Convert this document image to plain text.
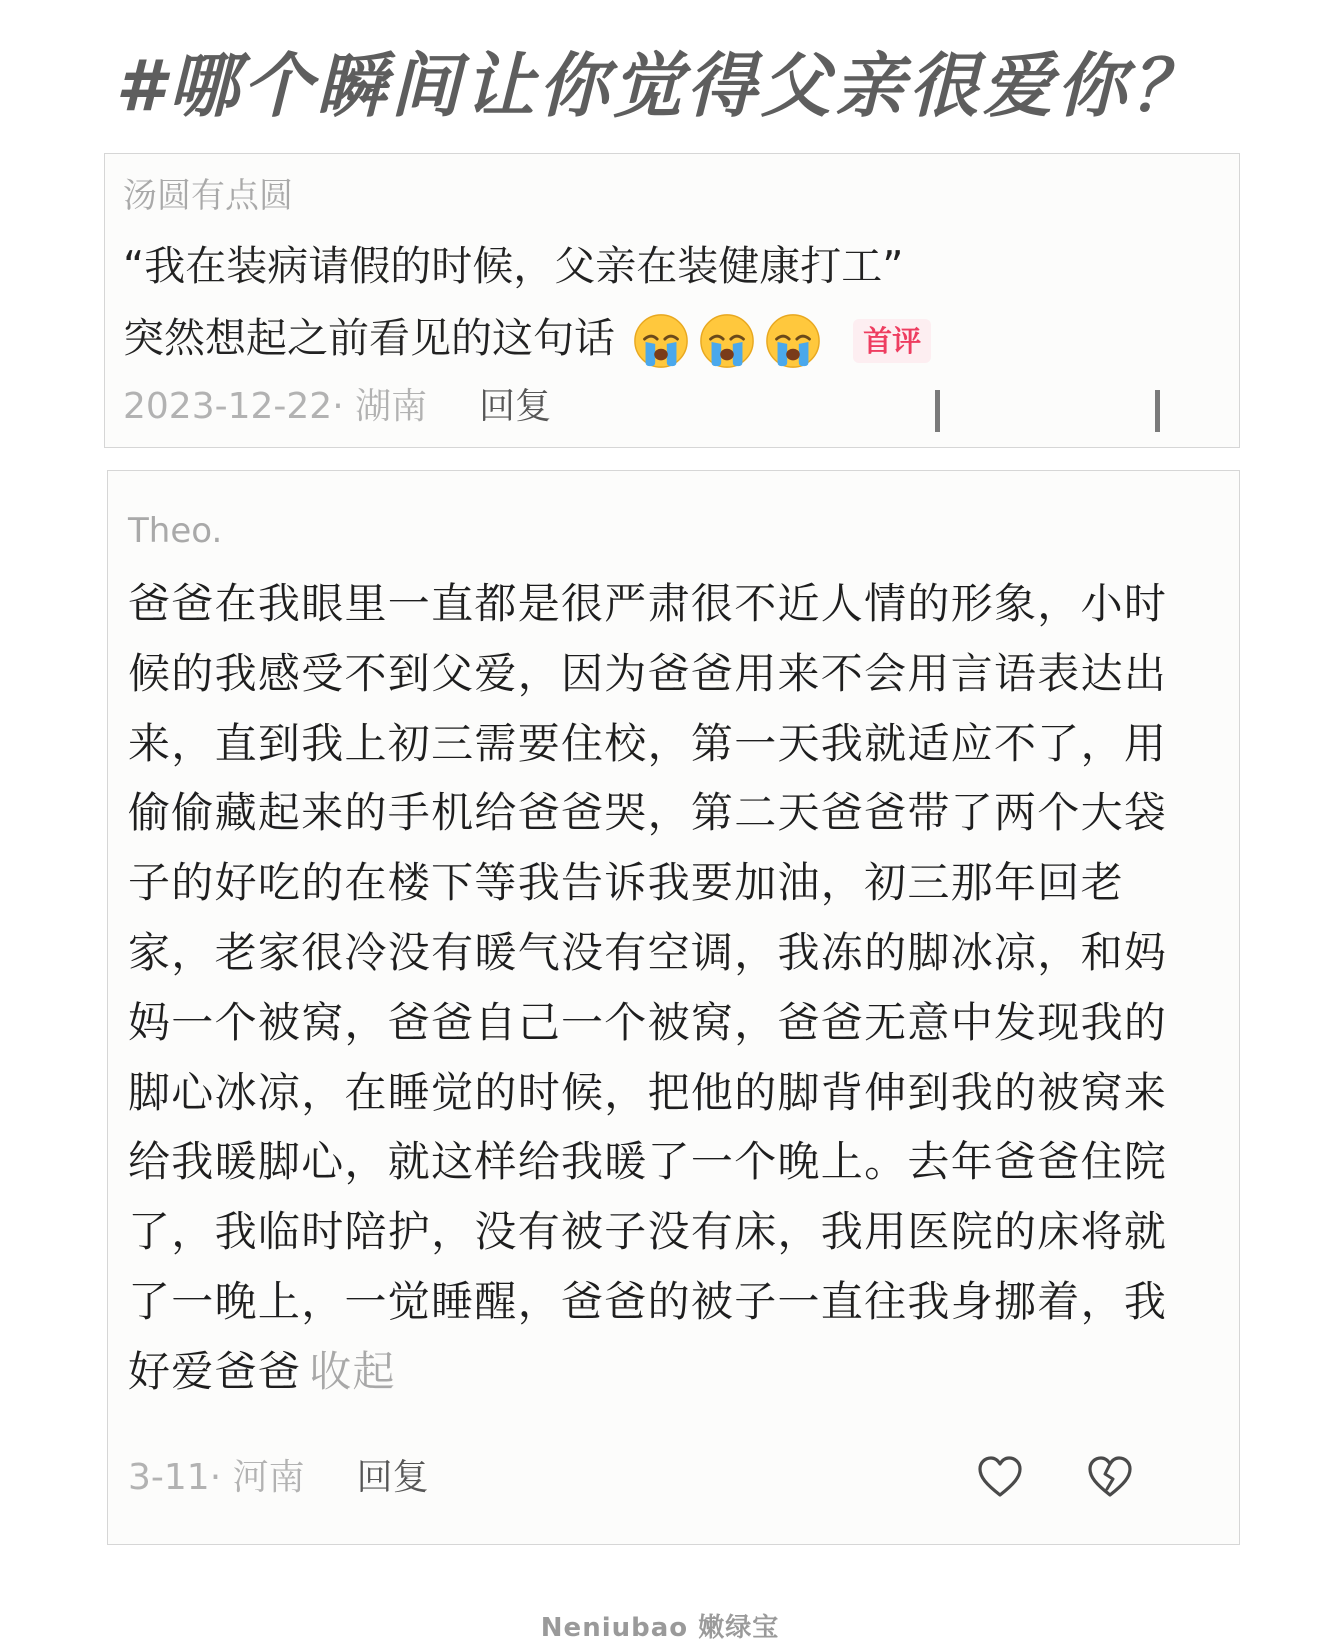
#哪个瞬间让你觉得父亲很爱你？
汤圆有点圆
“我在装病请假的时候，父亲在装健康打工”
突然想起之前看见的这句话	首评
2023-12-22· 湖南 回复
Theo.
爸爸在我眼里一直都是很严肃很不近人情的形象，小时
候的我感受不到父爱，因为爸爸用来不会用言语表达出
来，直到我上初三需要住校，第一天我就适应不了，用
偷偷藏起来的手机给爸爸哭，第二天爸爸带了两个大袋
子的好吃的在楼下等我告诉我要加油，初三那年回老
家，老家很冷没有暖气没有空调，我冻的脚冰凉，和妈
妈一个被窝，爸爸自己一个被窝，爸爸无意中发现我的
脚心冰凉，在睡觉的时候，把他的脚背伸到我的被窝来
给我暖脚心，就这样给我暖了一个晚上。去年爸爸住院
了，我临时陪护，没有被子没有床，我用医院的床将就
了一晚上，一觉睡醒，爸爸的被子一直往我身挪着，我
好爱爸爸 收起
3-11· 河南 回复
Neniubao 嫩绿宝
